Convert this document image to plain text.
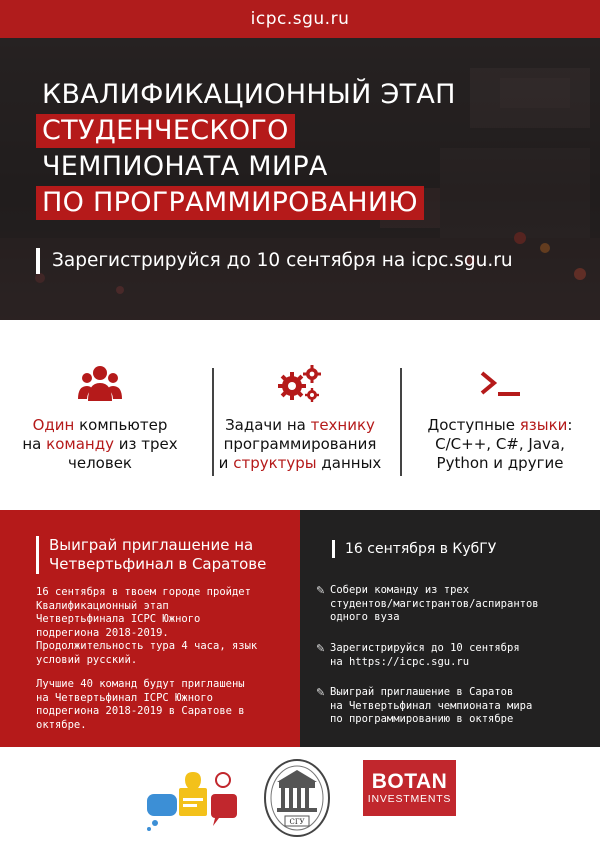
icpc.sgu.ru
КВАЛИФИКАЦИОННЫЙ ЭТАП
СТУДЕНЧЕСКОГО
ЧЕМПИОНАТА МИРА
ПО ПРОГРАММИРОВАНИЮ
Зарегистрируйся до 10 сентября на icpc.sgu.ru
Один компьютер
на команду из трех
человек
Задачи на технику
программирования
и структуры данных
Доступные языки:
C/C++, C#, Java,
Python и другие
Выиграй приглашение на
Четвертьфинал в Саратове
16 сентября в твоем городе пройдет
Квалификационный этап
Четвертьфинала ICPC Южного
подрегиона 2018-2019.
Продолжительность тура 4 часа, язык
условий русский.
Лучшие 40 команд будут приглашены
на Четвертьфинал ICPC Южного
подрегиона 2018-2019 в Саратове в
октябре.
16 сентября в КубГУ
✎ Собери команду из трех
студентов/магистрантов/аспирантов
одного вуза
✎ Зарегистрируйся до 10 сентября
на https://icpc.sgu.ru
✎ Выиграй приглашение в Саратов
на Четвертьфинал чемпионата мира
по программированию в октябре
СГУ
BOTAN
INVESTMENTS
